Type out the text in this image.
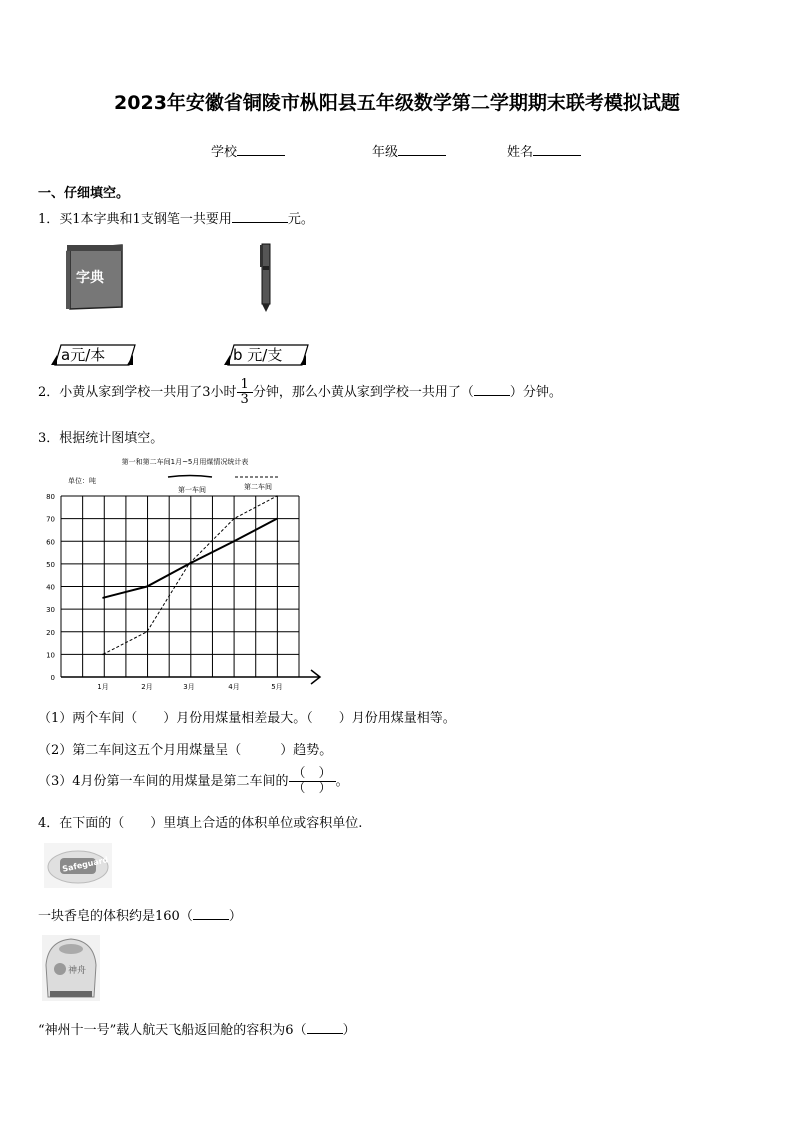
2023年安徽省铜陵市枞阳县五年级数学第二学期期末联考模拟试题
学校	年级	姓名
一、仔细填空。
1．买1本字典和1支钢笔一共要用	元。
字典
a元/本	b 元/支
2．小黄从家到学校一共用了3小时 $\frac{1}{3}$ 分钟，那么小黄从家到学校一共用了（	）分钟。
3．根据统计图填空。
0
10
20
30
40
50
60
70
80
1月	2月	3月	4月	5月
第一和第二车间1月~5月用煤情况统计表
单位：吨
第一车间	第二车间
（1）两个车间（　　）月份用煤量相差最大。（　　）月份用煤量相等。
（2）第二车间这五个月用煤量呈（　　　）趋势。
（3）4月份第一车间的用煤量是第二车间的 $\frac{( )}{( )}$ 。
4．在下面的（　　）里填上合适的体积单位或容积单位.
Safeguard
一块香皂的体积约是160（	）
神舟
“神州十一号”载人航天飞船返回舱的容积为6（	）
